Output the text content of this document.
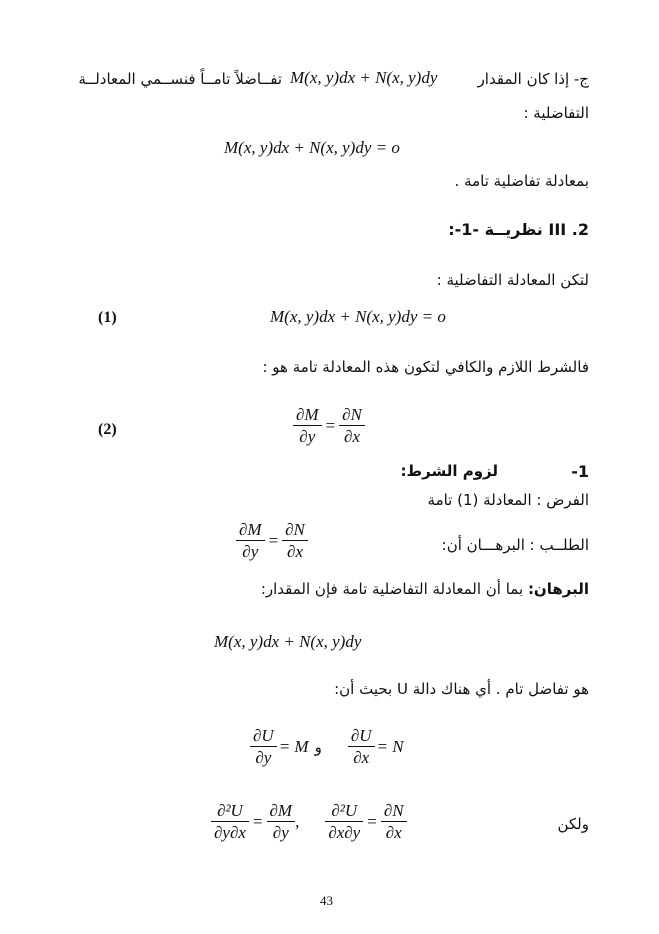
ج- إذا كان المقدار
M(x, y)dx + N(x, y)dy
تفــاضلاً تامــاً فنســمي المعادلــة
التفاضلية :
M(x, y)dx + N(x, y)dy = o
بمعادلة تفاضلية تامة .
III .2 نظريــة -1-:
لتكن المعادلة التفاضلية :
(1)	M(x, y)dx + N(x, y)dy = o
فالشرط اللازم والكافي لتكون هذه المعادلة تامة هو :
(2)	$\frac{\partial M}{\partial y} = \frac{\partial N}{\partial x}$
1-
لزوم الشرط:
الفرض : المعادلة (1) تامة
الطلــب : البرهـــان أن:
$\frac{\partial M}{\partial y} = \frac{\partial N}{\partial x}$
البرهان: بما أن المعادلة التفاضلية تامة فإن المقدار:
M(x, y)dx + N(x, y)dy
هو تفاضل تام . أي هناك دالة U بحيث أن:
$\frac{\partial U}{\partial y} = M$ و $\frac{\partial U}{\partial x} = N$
$\frac{\text{∂²U}}{\partial y\partial x} = \frac{\partial M}{\partial y}$ , $\frac{\text{∂²U}}{\partial x\partial y} = \frac{\partial N}{\partial x}$	ولكن
43
